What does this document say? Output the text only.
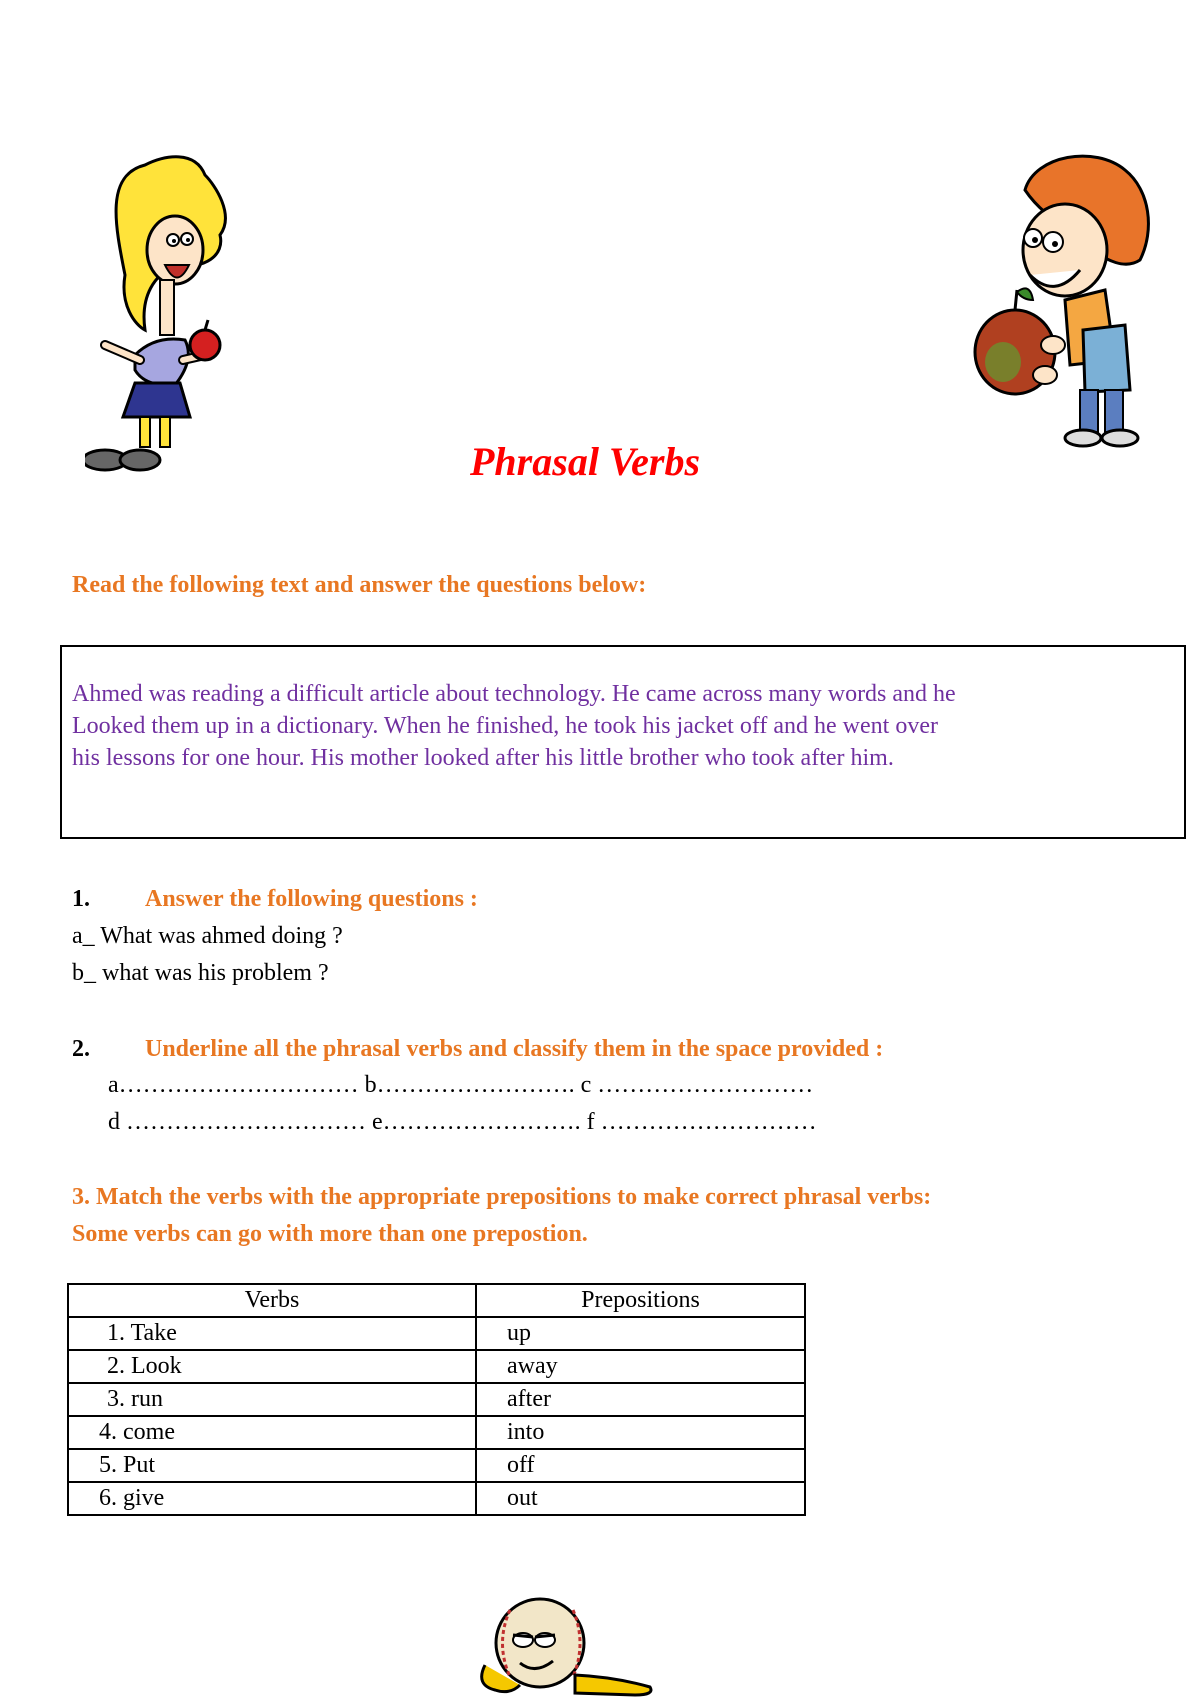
Phrasal Verbs
Read the following text and answer the questions below:
Ahmed was reading a difficult article about technology. He came across many words and he
Looked them up in a dictionary. When he finished, he took his jacket off and he went over
his lessons for one hour. His mother looked after his little brother who took after him.
1. Answer the following questions :
a_ What was ahmed doing ?
b_ what was his problem ?
2. Underline all the phrasal verbs and classify them in the space provided :
a………………………… b……………………. c ………………………
d ………………………… e……………………. f ………………………
3. Match the verbs with the appropriate prepositions to make correct phrasal verbs:
Some verbs can go with more than one prepostion.
Verbs	Prepositions
1. Take	up
2. Look	away
3. run	after
4. come	into
5. Put	off
6. give	out
